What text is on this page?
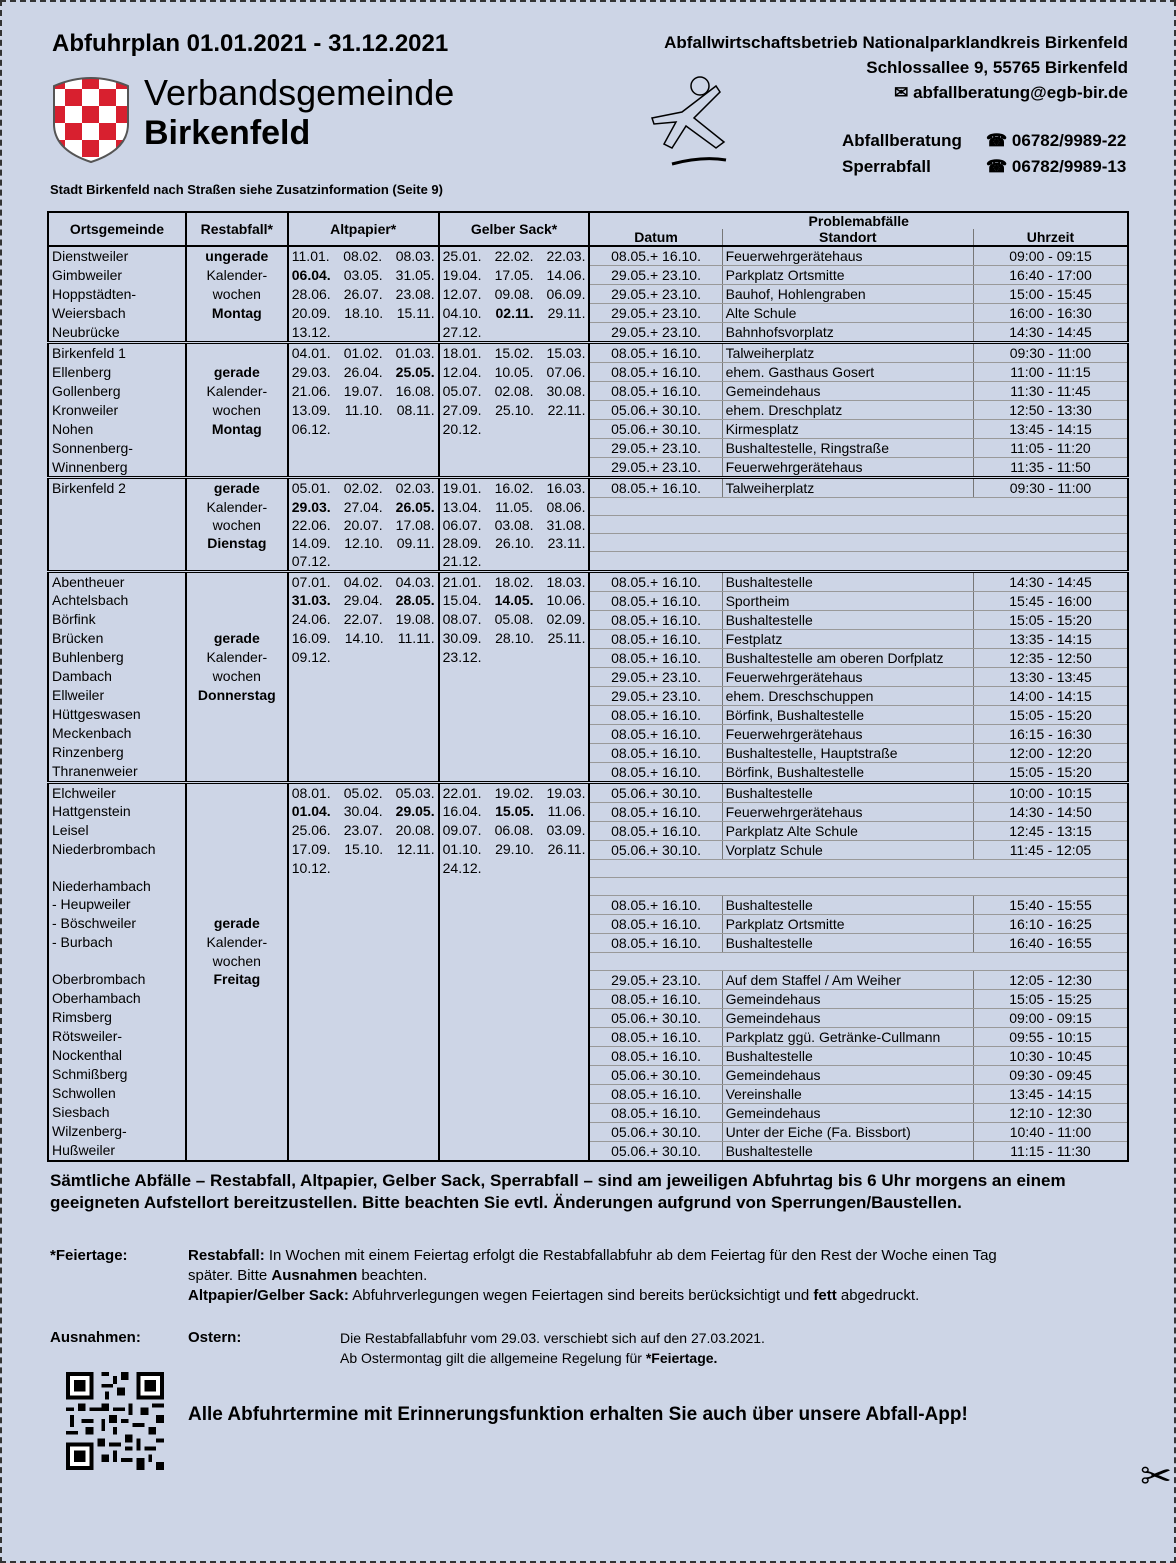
Abfuhrplan 01.01.2021 - 31.12.2021
Verbandsgemeinde
Birkenfeld
Abfallwirtschaftsbetrieb Nationalparklandkreis Birkenfeld
Schlossallee 9, 55765 Birkenfeld
✉ abfallberatung@egb-bir.de
Abfallberatung ☎ 06782/9989-22
Sperrabfall	☎ 06782/9989-13
Stadt Birkenfeld nach Straßen siehe Zusatzinformation (Seite 9)
Ortsgemeinde	Restabfall*	Altpapier*	Gelber Sack*	Problemabfälle		
				Datum	Standort	Uhrzeit
Dienstweiler	ungerade	11.01. 08.02. 08.03.	25.01. 22.02. 22.03.	08.05.+ 16.10.	Feuerwehrgerätehaus	09:00 - 09:15
Gimbweiler	Kalender-	06.04. 03.05. 31.05.	19.04. 17.05. 14.06.	29.05.+ 23.10.	Parkplatz Ortsmitte	16:40 - 17:00
Hoppstädten-	wochen	28.06. 26.07. 23.08.	12.07. 09.08. 06.09.	29.05.+ 23.10.	Bauhof, Hohlengraben	15:00 - 15:45
Weiersbach	Montag	20.09. 18.10. 15.11.	04.10. 02.11. 29.11.	29.05.+ 23.10.	Alte Schule	16:00 - 16:30
Neubrücke		13.12.	27.12.	29.05.+ 23.10.	Bahnhofsvorplatz	14:30 - 14:45
Birkenfeld 1		04.01. 01.02. 01.03.	18.01. 15.02. 15.03.	08.05.+ 16.10.	Talweiherplatz	09:30 - 11:00
Ellenberg	gerade	29.03. 26.04. 25.05.	12.04. 10.05. 07.06.	08.05.+ 16.10.	ehem. Gasthaus Gosert	11:00 - 11:15
Gollenberg	Kalender-	21.06. 19.07. 16.08.	05.07. 02.08. 30.08.	08.05.+ 16.10.	Gemeindehaus	11:30 - 11:45
Kronweiler	wochen	13.09. 11.10. 08.11.	27.09. 25.10. 22.11.	05.06.+ 30.10.	ehem. Dreschplatz	12:50 - 13:30
Nohen	Montag	06.12.	20.12.	05.06.+ 30.10.	Kirmesplatz	13:45 - 14:15
Sonnenberg-				29.05.+ 23.10.	Bushaltestelle, Ringstraße	11:05 - 11:20
Winnenberg				29.05.+ 23.10.	Feuerwehrgerätehaus	11:35 - 11:50
Birkenfeld 2	gerade	05.01. 02.02. 02.03.	19.01. 16.02. 16.03.	08.05.+ 16.10.	Talweiherplatz	09:30 - 11:00
	Kalender-	29.03. 27.04. 26.05.	13.04. 11.05. 08.06.			

	wochen	22.06. 20.07. 17.08.	06.07. 03.08. 31.08.			

	Dienstag	14.09. 12.10. 09.11.	28.09. 26.10. 23.11.			

		07.12.	21.12.			

Abentheuer		07.01. 04.02. 04.03.	21.01. 18.02. 18.03.	08.05.+ 16.10.	Bushaltestelle	14:30 - 14:45
Achtelsbach		31.03. 29.04. 28.05.	15.04. 14.05. 10.06.	08.05.+ 16.10.	Sportheim	15:45 - 16:00
Börfink		24.06. 22.07. 19.08.	08.07. 05.08. 02.09.	08.05.+ 16.10.	Bushaltestelle	15:05 - 15:20
Brücken	gerade	16.09. 14.10. 11.11.	30.09. 28.10. 25.11.	08.05.+ 16.10.	Festplatz	13:35 - 14:15
Buhlenberg	Kalender-	09.12.	23.12.	08.05.+ 16.10.	Bushaltestelle am oberen Dorfplatz	12:35 - 12:50
Dambach	wochen			29.05.+ 23.10.	Feuerwehrgerätehaus	13:30 - 13:45
Ellweiler	Donnerstag			29.05.+ 23.10.	ehem. Dreschschuppen	14:00 - 14:15
Hüttgeswasen				08.05.+ 16.10.	Börfink, Bushaltestelle	15:05 - 15:20
Meckenbach				08.05.+ 16.10.	Feuerwehrgerätehaus	16:15 - 16:30
Rinzenberg				08.05.+ 16.10.	Bushaltestelle, Hauptstraße	12:00 - 12:20
Thranenweier				08.05.+ 16.10.	Börfink, Bushaltestelle	15:05 - 15:20
Elchweiler		08.01. 05.02. 05.03.	22.01. 19.02. 19.03.	05.06.+ 30.10.	Bushaltestelle	10:00 - 10:15
Hattgenstein		01.04. 30.04. 29.05.	16.04. 15.05. 11.06.	08.05.+ 16.10.	Feuerwehrgerätehaus	14:30 - 14:50
Leisel		25.06. 23.07. 20.08.	09.07. 06.08. 03.09.	08.05.+ 16.10.	Parkplatz Alte Schule	12:45 - 13:15
Niederbrombach		17.09. 15.10. 12.11.	01.10. 29.10. 26.11.	05.06.+ 30.10.	Vorplatz Schule	11:45 - 12:05

		10.12.	24.12.			

Niederhambach		

- Heupweiler				08.05.+ 16.10.	Bushaltestelle	15:40 - 15:55
- Böschweiler	gerade			08.05.+ 16.10.	Parkplatz Ortsmitte	16:10 - 16:25
- Burbach	Kalender-			08.05.+ 16.10.	Bushaltestelle	16:40 - 16:55
	wochen	

Oberbrombach	Freitag			29.05.+ 23.10.	Auf dem Staffel / Am Weiher	12:05 - 12:30
Oberhambach				08.05.+ 16.10.	Gemeindehaus	15:05 - 15:25
Rimsberg				05.06.+ 30.10.	Gemeindehaus	09:00 - 09:15
Rötsweiler-				08.05.+ 16.10.	Parkplatz ggü. Getränke-Cullmann	09:55 - 10:15
Nockenthal				08.05.+ 16.10.	Bushaltestelle	10:30 - 10:45
Schmißberg				05.06.+ 30.10.	Gemeindehaus	09:30 - 09:45
Schwollen				08.05.+ 16.10.	Vereinshalle	13:45 - 14:15
Siesbach				08.05.+ 16.10.	Gemeindehaus	12:10 - 12:30
Wilzenberg-				05.06.+ 30.10.	Unter der Eiche (Fa. Bissbort)	10:40 - 11:00
Hußweiler				05.06.+ 30.10.	Bushaltestelle	11:15 - 11:30
Sämtliche Abfälle – Restabfall, Altpapier, Gelber Sack, Sperrabfall – sind am jeweiligen Abfuhrtag bis 6 Uhr morgens an einem geeigneten Aufstellort bereitzustellen. Bitte beachten Sie evtl. Änderungen aufgrund von Sperrungen/Baustellen.
*Feiertage:	Restabfall: In Wochen mit einem Feiertag erfolgt die Restabfallabfuhr ab dem Feiertag für den Rest der Woche einen Tag später. Bitte Ausnahmen beachten.
Altpapier/Gelber Sack: Abfuhrverlegungen wegen Feiertagen sind bereits berücksichtigt und fett abgedruckt.
Ausnahmen:	Ostern:	Die Restabfallabfuhr vom 29.03. verschiebt sich auf den 27.03.2021.
Ab Ostermontag gilt die allgemeine Regelung für *Feiertage.
Alle Abfuhrtermine mit Erinnerungsfunktion erhalten Sie auch über unsere Abfall-App!
✂
